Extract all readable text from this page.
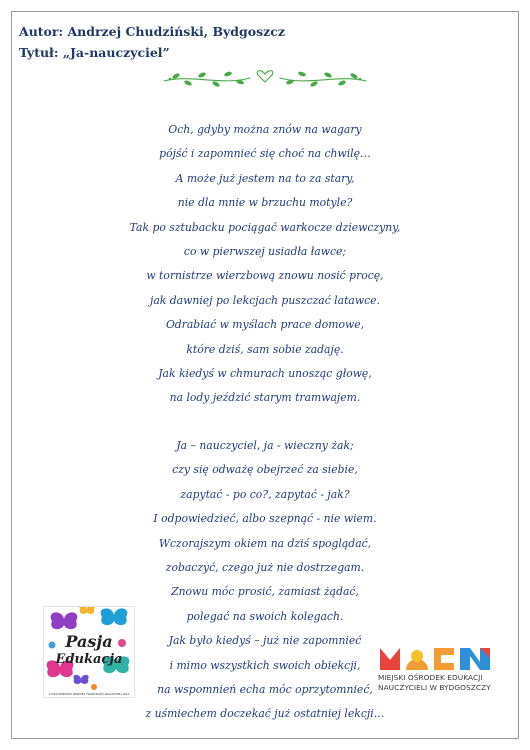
Autor: Andrzej Chudziński, Bydgoszcz
Tytuł: „Ja-nauczyciel”
Och, gdyby można znów na wagary
pójść i zapomnieć się choć na chwilę…
A może już jestem na to za stary,
nie dla mnie w brzuchu motyle?
Tak po sztubacku pociągać warkocze dziewczyny,
co w pierwszej usiadła ławce;
w tornistrze wierzbową znowu nosić procę,
jak dawniej po lekcjach puszczać latawce.
Odrabiać w myślach prace domowe,
które dziś, sam sobie zadaję.
Jak kiedyś w chmurach unosząc głowę,
na lody jeździć starym tramwajem.
Ja – nauczyciel, ja - wieczny żak;
czy się odważę obejrzeć za siebie,
zapytać - po co?, zapytać - jak?
I odpowiedzieć, albo szepnąć - nie wiem.
Wczorajszym okiem na dziś spoglądać,
zobaczyć, czego już nie dostrzegam.
Znowu móc prosić, zamiast żądać,
polegać na swoich kolegach.
Jak było kiedyś – już nie zapomnieć
i mimo wszystkich swoich obiekcji,
na wspomnień echa móc oprzytomnieć,
z uśmiechem doczekać już ostatniej lekcji…
Pasja
Edukacja
II OGÓLNOPOLSKI KONKURS TWÓRCZOŚCI NAUCZYCIELI 2023
MIEJSKI OŚRODEK EDUKACJI
NAUCZYCIELI W BYDGOSZCZY
